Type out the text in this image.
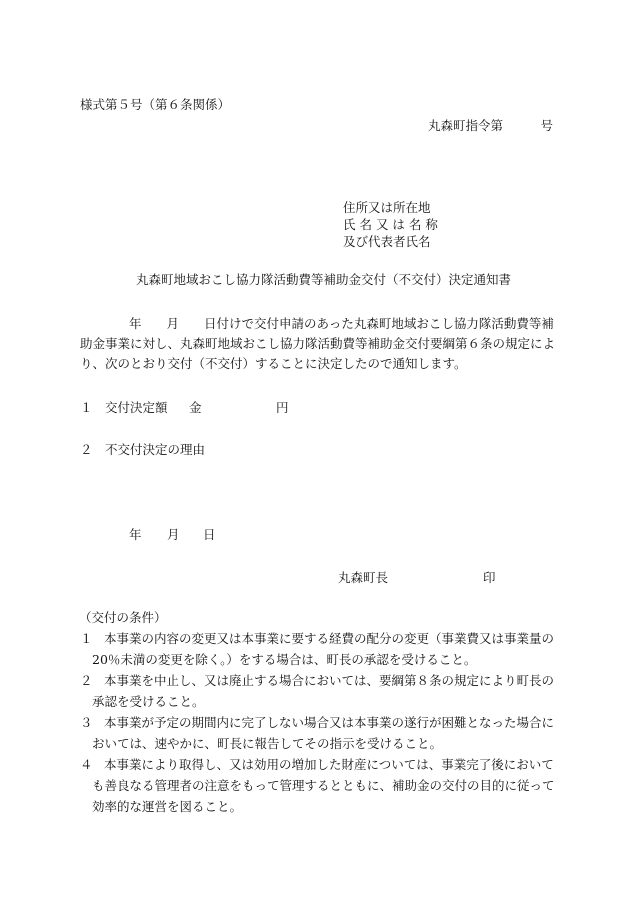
様式第５号（第６条関係）
丸森町指令第　　　号
住所又は所在地
氏 名 又 は 名 称
及び代表者氏名
丸森町地域おこし協力隊活動費等補助金交付（不交付）決定通知書
年　　月　　日付けで交付申請のあった丸森町地域おこし協力隊活動費等補
助金事業に対し、丸森町地域おこし協力隊活動費等補助金交付要綱第６条の規定によ
り、次のとおり交付（不交付）することに決定したので通知します。
１ 交付決定額 金	円
２ 不交付決定の理由
年 月 日
丸森町長	印
（交付の条件）
１ 本事業の内容の変更又は本事業に要する経費の配分の変更（事業費又は事業量の
20％未満の変更を除く。）をする場合は、町長の承認を受けること。
２ 本事業を中止し、又は廃止する場合においては、要綱第８条の規定により町長の
承認を受けること。
３ 本事業が予定の期間内に完了しない場合又は本事業の遂行が困難となった場合に
おいては、速やかに、町長に報告してその指示を受けること。
４ 本事業により取得し、又は効用の増加した財産については、事業完了後において
も善良なる管理者の注意をもって管理するとともに、補助金の交付の目的に従って
効率的な運営を図ること。
